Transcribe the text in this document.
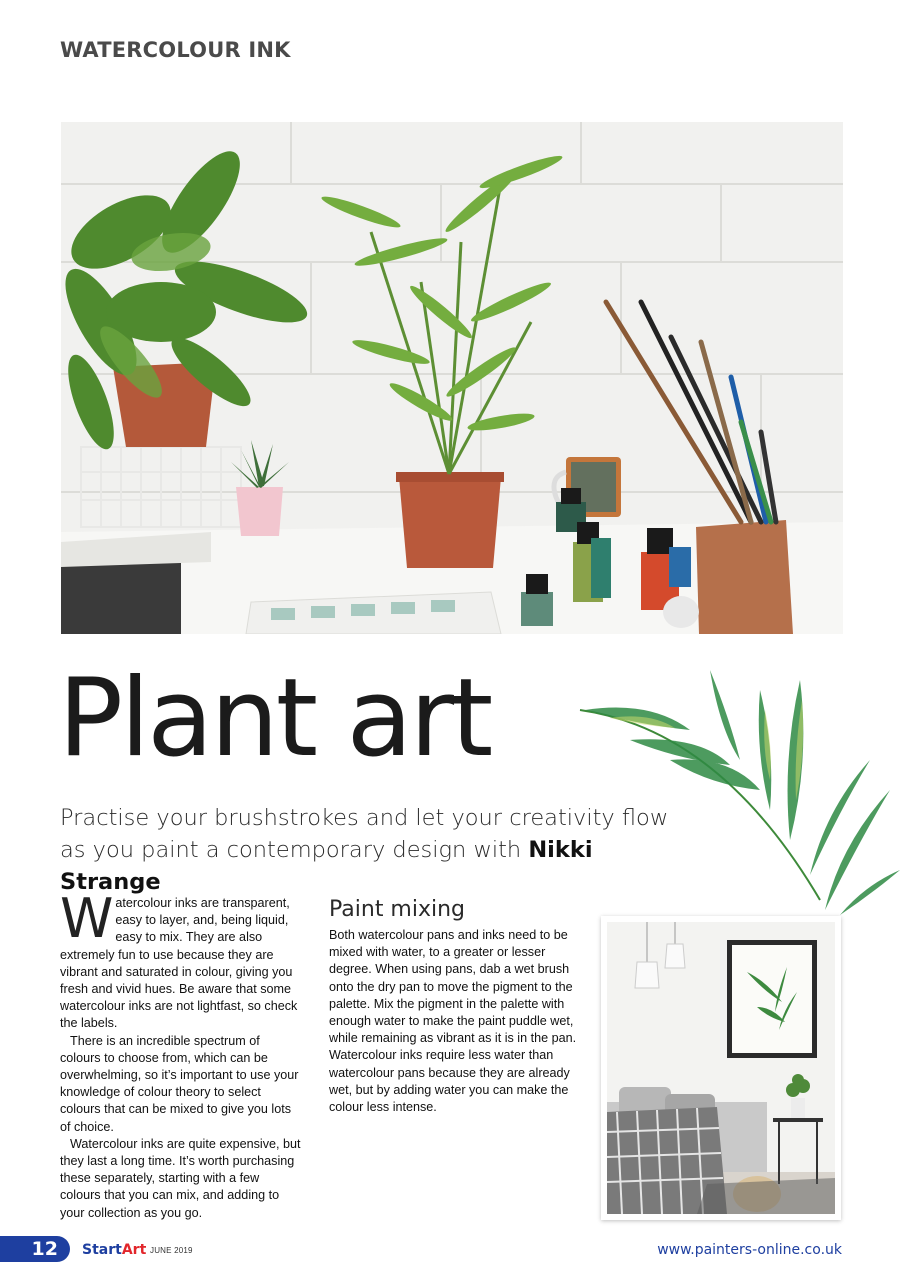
WATERCOLOUR INK
Plant art

Practise your brushstrokes and let your creativity flow as you paint a contemporary design with Nikki Strange

W atercolour inks are transparent, easy to layer, and, being liquid, easy to mix. They are also extremely fun to use because they are vibrant and saturated in colour, giving you fresh and vivid hues. Be aware that some watercolour inks are not lightfast, so check the labels.

There is an incredible spectrum of colours to choose from, which can be overwhelming, so it’s important to use your knowledge of colour theory to select colours that can be mixed to give you lots of choice.

Watercolour inks are quite expensive, but they last a long time. It’s worth purchasing these separately, starting with a few colours that you can mix, and adding to your collection as you go.

Paint mixing

Both watercolour pans and inks need to be mixed with water, to a greater or lesser degree. When using pans, dab a wet brush onto the dry pan to move the pigment to the palette. Mix the pigment in the palette with enough water to make the paint puddle wet, while remaining as vibrant as it is in the pan. Watercolour inks require less water than watercolour pans because they are already wet, but by adding water you can make the colour less intense.

12	StartArt JUNE 2019	www.painters-online.co.uk
